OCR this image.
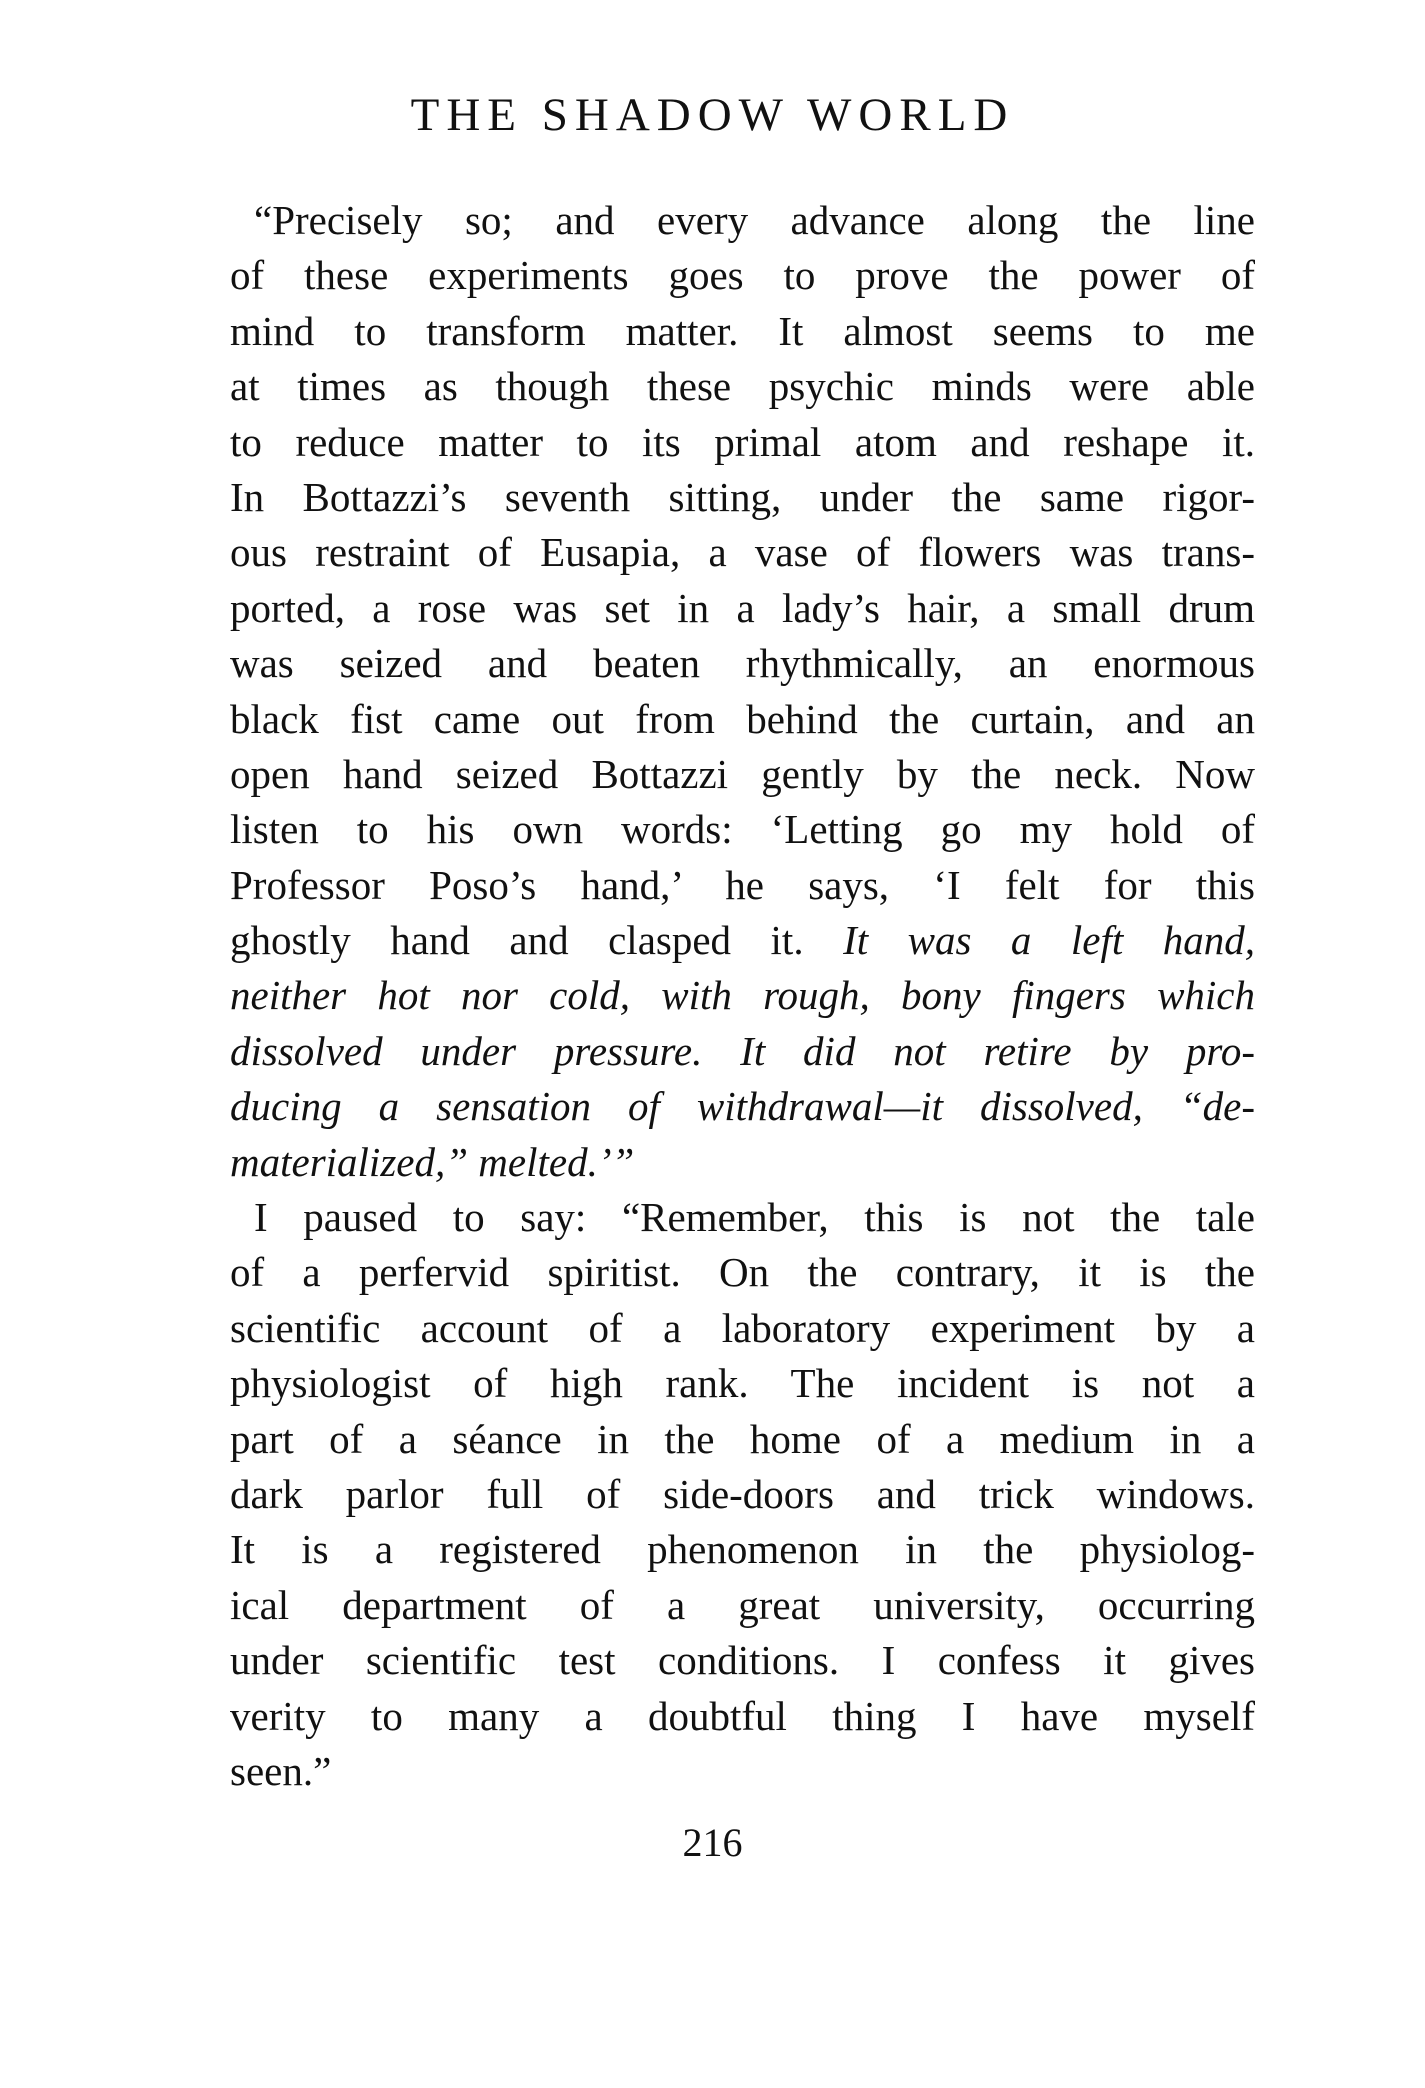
THE SHADOW WORLD
“Precisely so; and every advance along the line
of these experiments goes to prove the power of
mind to transform matter. It almost seems to me
at times as though these psychic minds were able
to reduce matter to its primal atom and reshape it.
In Bottazzi’s seventh sitting, under the same rigor-
ous restraint of Eusapia, a vase of flowers was trans-
ported, a rose was set in a lady’s hair, a small drum
was seized and beaten rhythmically, an enormous
black fist came out from behind the curtain, and an
open hand seized Bottazzi gently by the neck. Now
listen to his own words: ‘Letting go my hold of
Professor Poso’s hand,’ he says, ‘I felt for this
ghostly hand and clasped it. It was a left hand,
neither hot nor cold, with rough, bony fingers which
dissolved under pressure. It did not retire by pro-
ducing a sensation of withdrawal—it dissolved, “de-
materialized,” melted.’”
I paused to say: “Remember, this is not the tale
of a perfervid spiritist. On the contrary, it is the
scientific account of a laboratory experiment by a
physiologist of high rank. The incident is not a
part of a séance in the home of a medium in a
dark parlor full of side-doors and trick windows.
It is a registered phenomenon in the physiolog-
ical department of a great university, occurring
under scientific test conditions. I confess it gives
verity to many a doubtful thing I have myself
seen.”
216
